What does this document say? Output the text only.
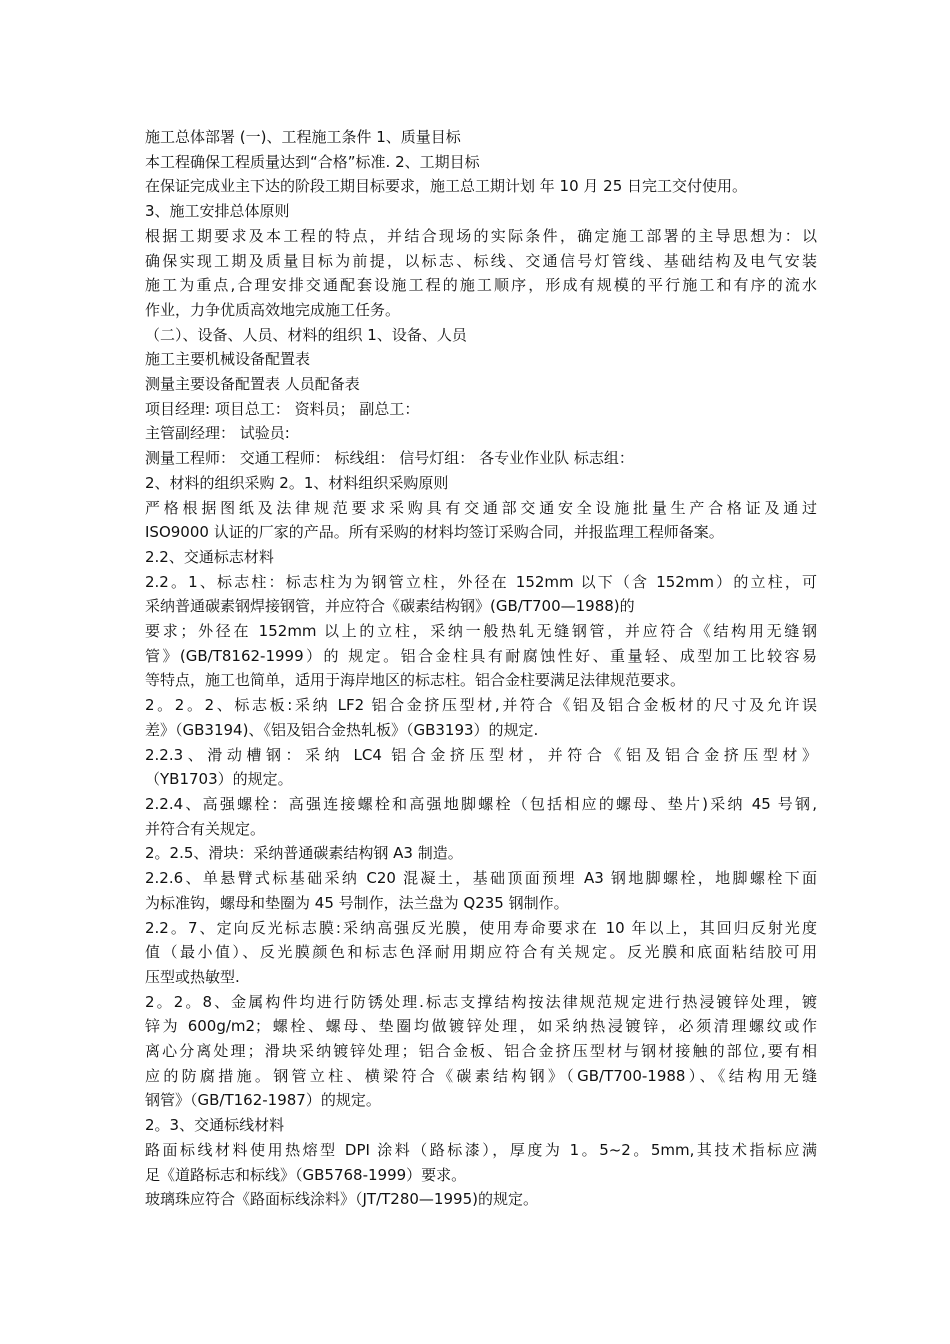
施工总体部署 (一)、工程施工条件 1、质量目标
本工程确保工程质量达到“合格”标准. 2、工期目标
在保证完成业主下达的阶段工期目标要求，施工总工期计划 年 10 月 25 日完工交付使用。
3、施工安排总体原则
根据工期要求及本工程的特点，并结合现场的实际条件，确定施工部署的主导思想为：以
确保实现工期及质量目标为前提，以标志、标线、交通信号灯管线、基础结构及电气安装
施工为重点,合理安排交通配套设施工程的施工顺序，形成有规模的平行施工和有序的流水
作业，力争优质高效地完成施工任务。
（二）、设备、人员、材料的组织 1、设备、人员
施工主要机械设备配置表
测量主要设备配置表 人员配备表
项目经理: 项目总工： 资料员； 副总工：
主管副经理： 试验员:
测量工程师： 交通工程师： 标线组： 信号灯组： 各专业作业队 标志组：
2、材料的组织采购 2。1、材料组织采购原则
严格根据图纸及法律规范要求采购具有交通部交通安全设施批量生产合格证及通过
ISO9000 认证的厂家的产品。所有采购的材料均签订采购合同，并报监理工程师备案。
2.2、交通标志材料
2.2。1、标志柱：标志柱为为钢管立柱，外径在 152mm 以下（含 152mm）的立柱，可
采纳普通碳素钢焊接钢管，并应符合《碳素结构钢》(GB/T700—1988)的
要求；外径在 152mm 以上的立柱，采纳一般热轧无缝钢管，并应符合《结构用无缝钢
管》(GB/T8162-1999）的 规定。铝合金柱具有耐腐蚀性好、重量轻、成型加工比较容易
等特点，施工也简单，适用于海岸地区的标志柱。铝合金柱要满足法律规范要求。
2。2。2、标志板:采纳 LF2 铝合金挤压型材,并符合《铝及铝合金板材的尺寸及允许误
差》（GB3194)、《铝及铝合金热轧板》（GB3193）的规定.
2.2.3、滑动槽钢：采纳 LC4 铝合金挤压型材，并符合《铝及铝合金挤压型材》
（YB1703）的规定。
2.2.4、高强螺栓：高强连接螺栓和高强地脚螺栓（包括相应的螺母、垫片)采纳 45 号钢,
并符合有关规定。
2。2.5、滑块：采纳普通碳素结构钢 A3 制造。
2.2.6、单悬臂式标基础采纳 C20 混凝土，基础顶面预埋 A3 钢地脚螺栓，地脚螺栓下面
为标准钩，螺母和垫圈为 45 号制作，法兰盘为 Q235 钢制作。
2.2。7、定向反光标志膜:采纳高强反光膜，使用寿命要求在 10 年以上，其回归反射光度
值（最小值）、反光膜颜色和标志色泽耐用期应符合有关规定。反光膜和底面粘结胶可用
压型或热敏型.
2。2。8、金属构件均进行防锈处理.标志支撑结构按法律规范规定进行热浸镀锌处理，镀
锌为 600g/m2；螺栓、螺母、垫圈均做镀锌处理，如采纳热浸镀锌，必须清理螺纹或作
离心分离处理；滑块采纳镀锌处理；铝合金板、铝合金挤压型材与钢材接触的部位,要有相
应的防腐措施。钢管立柱、横梁符合《碳素结构钢》（GB/T700-1988）、《结构用无缝
钢管》（GB/T162-1987）的规定。
2。3、交通标线材料
路面标线材料使用热熔型 DPI 涂料（路标漆），厚度为 1。5~2。5mm,其技术指标应满
足《道路标志和标线》（GB5768-1999）要求。
玻璃珠应符合《路面标线涂料》（JT/T280—1995)的规定。
